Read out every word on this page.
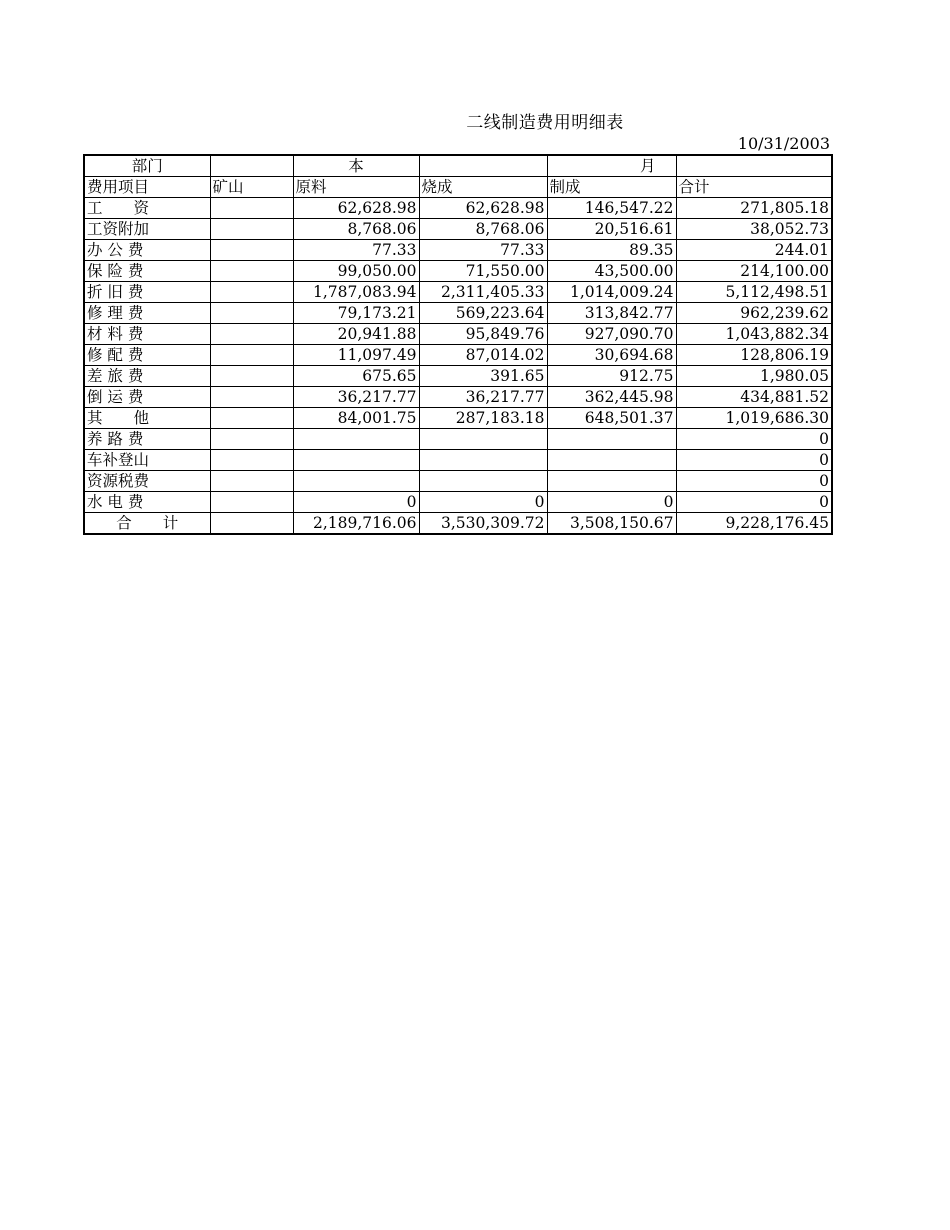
二线制造费用明细表
10/31/2003
部门		本		月	
费用项目	矿山	原料	烧成	制成	合计
工　　资		62,628.98	62,628.98	146,547.22	271,805.18
工资附加		8,768.06	8,768.06	20,516.61	38,052.73
办 公 费		77.33	77.33	89.35	244.01
保 险 费		99,050.00	71,550.00	43,500.00	214,100.00
折 旧 费		1,787,083.94	2,311,405.33	1,014,009.24	5,112,498.51
修 理 费		79,173.21	569,223.64	313,842.77	962,239.62
材 料 费		20,941.88	95,849.76	927,090.70	1,043,882.34
修 配 费		11,097.49	87,014.02	30,694.68	128,806.19
差 旅 费		675.65	391.65	912.75	1,980.05
倒 运 费		36,217.77	36,217.77	362,445.98	434,881.52
其　　他		84,001.75	287,183.18	648,501.37	1,019,686.30
养 路 费					0
车补登山					0
资源税费					0
水 电 费		0	0	0	0
合　　计		2,189,716.06	3,530,309.72	3,508,150.67	9,228,176.45
